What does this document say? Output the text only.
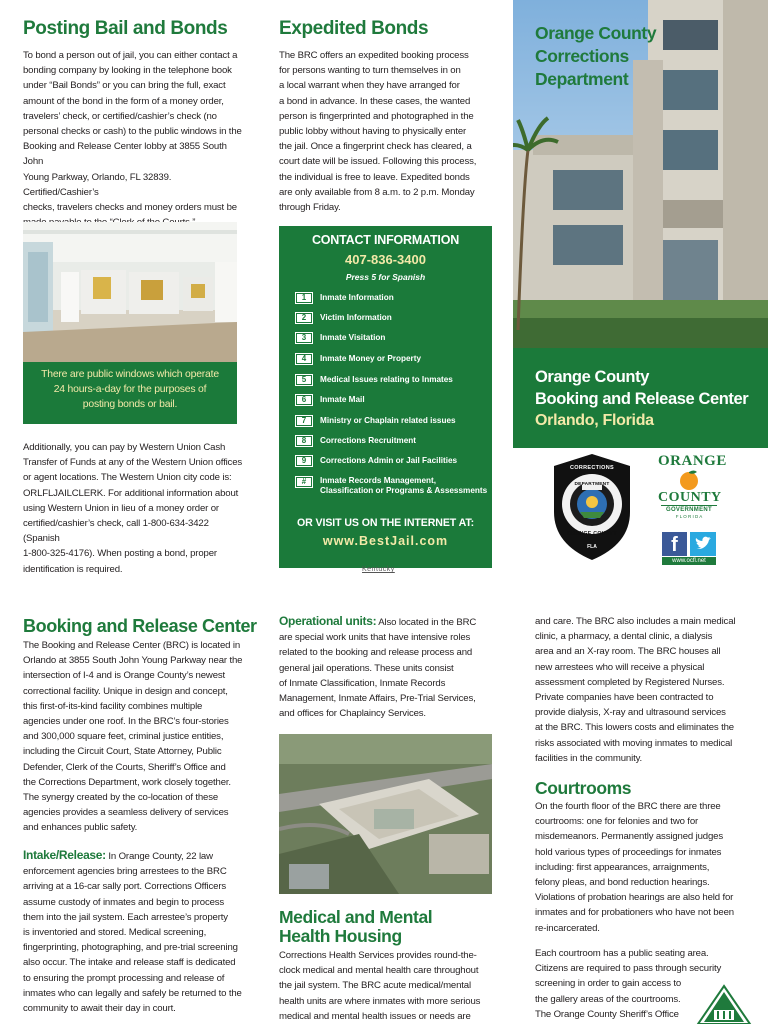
Posting Bail and Bonds
To bond a person out of jail, you can either contact a
bonding company by looking in the telephone book
under “Bail Bonds” or you can bring the full, exact
amount of the bond in the form of a money order,
travelers’ check, or certified/cashier’s check (no
personal checks or cash) to the public windows in the
Booking and Release Center lobby at 3855 South John
Young Parkway, Orlando, FL 32839. Certified/Cashier’s
checks, travelers checks and money orders must be
There are public windows which operate
24 hours-a-day for the purposes of
posting bonds or bail.
Additionally, you can pay by Western Union Cash
Transfer of Funds at any of the Western Union offices
or agent locations. The Western Union city code is:
ORLFLJAILCLERK. For additional information about
using Western Union in lieu of a money order or
certified/cashier’s check, call 1-800-634-3422 (Spanish
1-800-325-4176). When posting a bond, proper
identification is required.
Expedited Bonds
The BRC offers an expedited booking process
for persons wanting to turn themselves in on
a local warrant when they have arranged for
a bond in advance. In these cases, the wanted
person is fingerprinted and photographed in the
public lobby without having to physically enter
the jail. Once a fingerprint check has cleared, a
court date will be issued. Following this process,
the individual is free to leave. Expedited bonds
are only available from 8 a.m. to 2 p.m. Monday
through Friday.
CONTACT INFORMATION
407-836-3400
Press 5 for Spanish
1	Inmate Information
2	Victim Information
3	Inmate Visitation
4	Inmate Money or Property
5	Medical Issues relating to Inmates
6	Inmate Mail
7	Ministry or Chaplain related issues
8	Corrections Recruitment
9	Corrections Admin or Jail Facilities
#	Inmate Records Management,
Classification or Programs & Assessments
OR VISIT US ON THE INTERNET AT:
www.BestJail.com
Kentucky
Orange County
Corrections
Department
Orange County
Booking and Release Center
Orlando, Florida
CORRECTIONS
DEPARTMENT
ORANGE COUNTY
FLA
ORANGE
COUNTY
GOVERNMENT
F L O R I D A
f
www.ocfl.net
Booking and Release Center
The Booking and Release Center (BRC) is located in
Orlando at 3855 South John Young Parkway near the
intersection of I-4 and is Orange County’s newest
correctional facility. Unique in design and concept,
this first-of-its-kind facility combines multiple
agencies under one roof. In the BRC’s four-stories
and 300,000 square feet, criminal justice entities,
including the Circuit Court, State Attorney, Public
Defender, Clerk of the Courts, Sheriff’s Office and
the Corrections Department, work closely together.
The synergy created by the co-location of these
agencies provides a seamless delivery of services
and enhances public safety.
Intake/Release: In Orange County, 22 law
enforcement agencies bring arrestees to the BRC
arriving at a 16-car sally port. Corrections Officers
assume custody of inmates and begin to process
them into the jail system. Each arrestee’s property
is inventoried and stored. Medical screening,
fingerprinting, photographing, and pre-trial screening
also occur. The intake and release staff is dedicated
to ensuring the prompt processing and release of
inmates who can legally and safely be returned to the
community to await their day in court.
Operational units: Also located in the BRC
are special work units that have intensive roles
related to the booking and release process and
general jail operations. These units consist
of Inmate Classification, Inmate Records
Management, Inmate Affairs, Pre-Trial Services,
and offices for Chaplaincy Services.
Medical and Mental
Health Housing
Corrections Health Services provides round-the-
clock medical and mental health care throughout
the jail system. The BRC acute medical/mental
health units are where inmates with more serious
medical and mental health issues or needs are
and care. The BRC also includes a main medical
clinic, a pharmacy, a dental clinic, a dialysis
area and an X-ray room. The BRC houses all
new arrestees who will receive a physical
assessment completed by Registered Nurses.
Private companies have been contracted to
provide dialysis, X-ray and ultrasound services
at the BRC. This lowers costs and eliminates the
risks associated with moving inmates to medical
facilities in the community.
Courtrooms
On the fourth floor of the BRC there are three
courtrooms: one for felonies and two for
misdemeanors. Permanently assigned judges
hold various types of proceedings for inmates
including: first appearances, arraignments,
felony pleas, and bond reduction hearings.
Violations of probation hearings are also held for
inmates and for probationers who have not been
re-incarcerated.
Each courtroom has a public seating area.
Citizens are required to pass through security
screening in order to gain access to
the gallery areas of the courtrooms.
The Orange County Sheriff’s Office
